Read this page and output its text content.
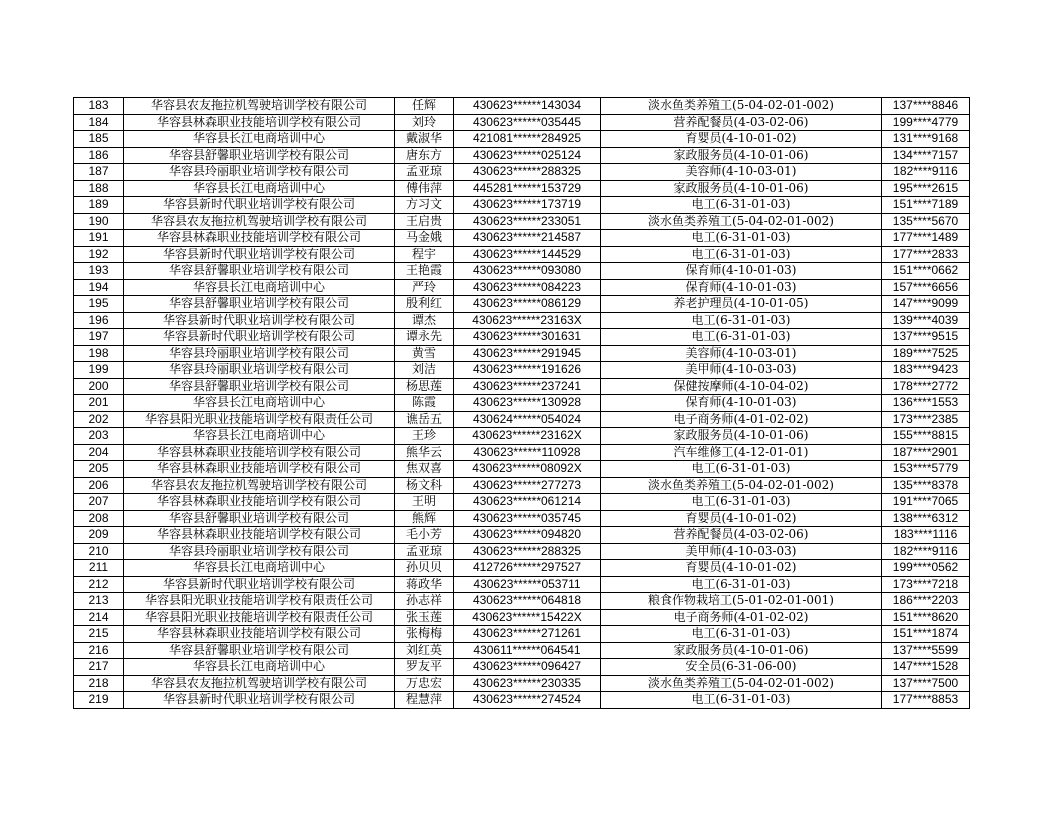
183	华容县农友拖拉机驾驶培训学校有限公司	任辉	430623******143034	淡水鱼类养殖工(5-04-02-01-002)	137****8846
184	华容县林森职业技能培训学校有限公司	刘玲	430623******035445	营养配餐员(4-03-02-06)	199****4779
185	华容县长江电商培训中心	戴淑华	421081******284925	育婴员(4-10-01-02)	131****9168
186	华容县舒馨职业培训学校有限公司	唐东方	430623******025124	家政服务员(4-10-01-06)	134****7157
187	华容县玲丽职业培训学校有限公司	孟亚琼	430623******288325	美容师(4-10-03-01)	182****9116
188	华容县长江电商培训中心	傅伟萍	445281******153729	家政服务员(4-10-01-06)	195****2615
189	华容县新时代职业培训学校有限公司	方习文	430623******173719	电工(6-31-01-03)	151****7189
190	华容县农友拖拉机驾驶培训学校有限公司	王启贵	430623******233051	淡水鱼类养殖工(5-04-02-01-002)	135****5670
191	华容县林森职业技能培训学校有限公司	马金娥	430623******214587	电工(6-31-01-03)	177****1489
192	华容县新时代职业培训学校有限公司	程宇	430623******144529	电工(6-31-01-03)	177****2833
193	华容县舒馨职业培训学校有限公司	王艳霞	430623******093080	保育师(4-10-01-03)	151****0662
194	华容县长江电商培训中心	严玲	430623******084223	保育师(4-10-01-03)	157****6656
195	华容县舒馨职业培训学校有限公司	殷利红	430623******086129	养老护理员(4-10-01-05)	147****9099
196	华容县新时代职业培训学校有限公司	谭杰	430623******23163X	电工(6-31-01-03)	139****4039
197	华容县新时代职业培训学校有限公司	谭永先	430623******301631	电工(6-31-01-03)	137****9515
198	华容县玲丽职业培训学校有限公司	黄雪	430623******291945	美容师(4-10-03-01)	189****7525
199	华容县玲丽职业培训学校有限公司	刘洁	430623******191626	美甲师(4-10-03-03)	183****9423
200	华容县舒馨职业培训学校有限公司	杨思莲	430623******237241	保健按摩师(4-10-04-02)	178****2772
201	华容县长江电商培训中心	陈霞	430623******130928	保育师(4-10-01-03)	136****1553
202	华容县阳光职业技能培训学校有限责任公司	谯岳五	430624******054024	电子商务师(4-01-02-02)	173****2385
203	华容县长江电商培训中心	王珍	430623******23162X	家政服务员(4-10-01-06)	155****8815
204	华容县林森职业技能培训学校有限公司	熊华云	430623******110928	汽车维修工(4-12-01-01)	187****2901
205	华容县林森职业技能培训学校有限公司	焦双喜	430623******08092X	电工(6-31-01-03)	153****5779
206	华容县农友拖拉机驾驶培训学校有限公司	杨文科	430623******277273	淡水鱼类养殖工(5-04-02-01-002)	135****8378
207	华容县林森职业技能培训学校有限公司	王明	430623******061214	电工(6-31-01-03)	191****7065
208	华容县舒馨职业培训学校有限公司	熊辉	430623******035745	育婴员(4-10-01-02)	138****6312
209	华容县林森职业技能培训学校有限公司	毛小芳	430623******094820	营养配餐员(4-03-02-06)	183****1116
210	华容县玲丽职业培训学校有限公司	孟亚琼	430623******288325	美甲师(4-10-03-03)	182****9116
211	华容县长江电商培训中心	孙贝贝	412726******297527	育婴员(4-10-01-02)	199****0562
212	华容县新时代职业培训学校有限公司	蒋政华	430623******053711	电工(6-31-01-03)	173****7218
213	华容县阳光职业技能培训学校有限责任公司	孙志祥	430623******064818	粮食作物栽培工(5-01-02-01-001)	186****2203
214	华容县阳光职业技能培训学校有限责任公司	张玉莲	430623******15422X	电子商务师(4-01-02-02)	151****8620
215	华容县林森职业技能培训学校有限公司	张梅梅	430623******271261	电工(6-31-01-03)	151****1874
216	华容县舒馨职业培训学校有限公司	刘红英	430611******064541	家政服务员(4-10-01-06)	137****5599
217	华容县长江电商培训中心	罗友平	430623******096427	安全员(6-31-06-00)	147****1528
218	华容县农友拖拉机驾驶培训学校有限公司	万忠宏	430623******230335	淡水鱼类养殖工(5-04-02-01-002)	137****7500
219	华容县新时代职业培训学校有限公司	程慧萍	430623******274524	电工(6-31-01-03)	177****8853
